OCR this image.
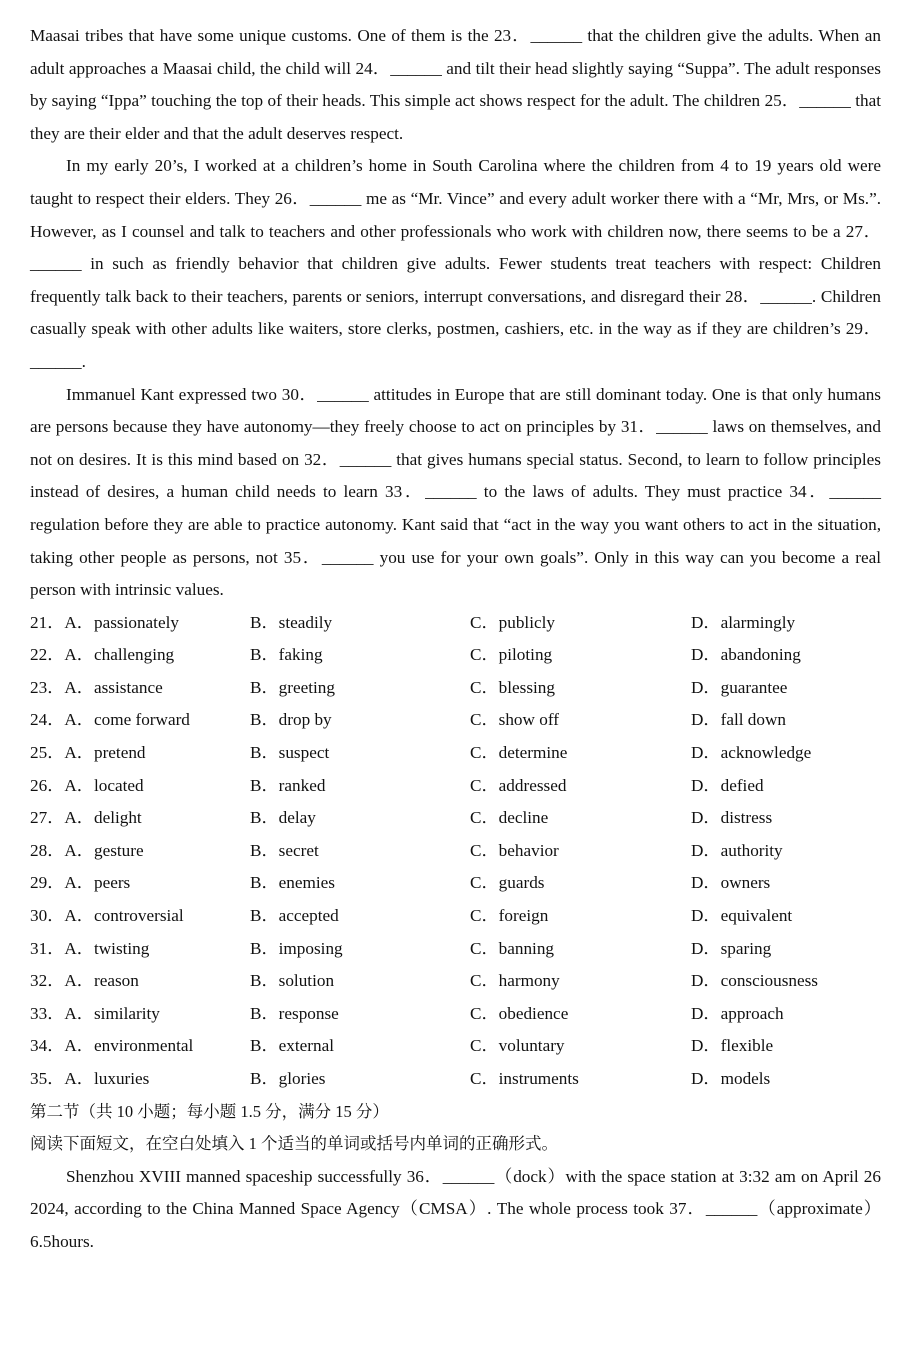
Maasai tribes that have some unique customs. One of them is the 23．______ that the children give the adults. When an adult approaches a Maasai child, the child will 24．______ and tilt their head slightly saying “Suppa”. The adult responses by saying “Ippa” touching the top of their heads. This simple act shows respect for the adult. The children 25．______ that they are their elder and that the adult deserves respect.

In my early 20’s, I worked at a children’s home in South Carolina where the children from 4 to 19 years old were taught to respect their elders. They 26．______ me as “Mr. Vince” and every adult worker there with a “Mr, Mrs, or Ms.”. However, as I counsel and talk to teachers and other professionals who work with children now, there seems to be a 27．______ in such as friendly behavior that children give adults. Fewer students treat teachers with respect: Children frequently talk back to their teachers, parents or seniors, interrupt conversations, and disregard their 28．______. Children casually speak with other adults like waiters, store clerks, postmen, cashiers, etc. in the way as if they are children’s 29．______.

Immanuel Kant expressed two 30．______ attitudes in Europe that are still dominant today. One is that only humans are persons because they have autonomy—they freely choose to act on principles by 31．______ laws on themselves, and not on desires. It is this mind based on 32．______ that gives humans special status. Second, to learn to follow principles instead of desires, a human child needs to learn 33．______ to the laws of adults. They must practice 34．______ regulation before they are able to practice autonomy. Kant said that “act in the way you want others to act in the situation, taking other people as persons, not 35．______ you use for your own goals”. Only in this way can you become a real person with intrinsic values.

21．A．passionately	B．steadily	C．publicly	D．alarmingly
22．A．challenging	B．faking	C．piloting	D．abandoning
23．A．assistance	B．greeting	C．blessing	D．guarantee
24．A．come forward	B．drop by	C．show off	D．fall down
25．A．pretend	B．suspect	C．determine	D．acknowledge
26．A．located	B．ranked	C．addressed	D．defied
27．A．delight	B．delay	C．decline	D．distress
28．A．gesture	B．secret	C．behavior	D．authority
29．A．peers	B．enemies	C．guards	D．owners
30．A．controversial	B．accepted	C．foreign	D．equivalent
31．A．twisting	B．imposing	C．banning	D．sparing
32．A．reason	B．solution	C．harmony	D．consciousness
33．A．similarity	B．response	C．obedience	D．approach
34．A．environmental	B．external	C．voluntary	D．flexible
35．A．luxuries	B．glories	C．instruments	D．models

第二节（共 10 小题；每小题 1.5 分，满分 15 分）

阅读下面短文，在空白处填入 1 个适当的单词或括号内单词的正确形式。

Shenzhou XVIII manned spaceship successfully 36．______（dock）with the space station at 3:32 am on April 26 2024, according to the China Manned Space Agency（CMSA）. The whole process took 37．______（approximate）6.5hours.
